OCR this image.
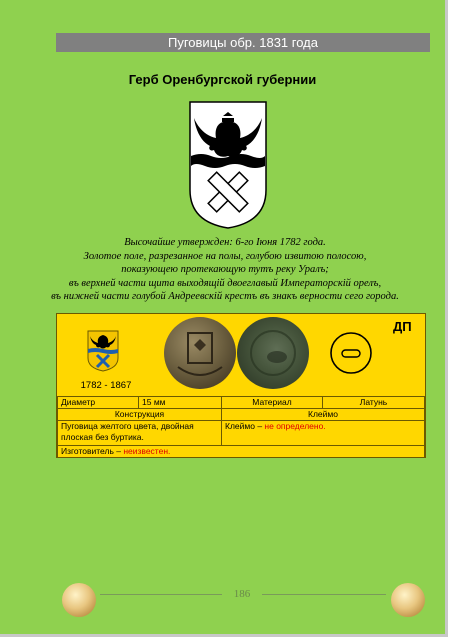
Пуговицы обр. 1831 года
Герб Оренбургской губернии
Высочайше утвержден: 6-го Iюня 1782 года.
Золотое поле, разрезанное на полы, голубою извитою полосою,
показующею протекающую тутъ реку Уралъ;
въ верхней части щита выходящiй двоеглавый Императорскiй орелъ,
въ нижней части голубой Андреевскiй крестъ въ знакъ верности сего города.
1782 - 1867
ДП
Диаметр	15 мм	Материал	Латунь
Конструкция		Клеймо	
Пуговица желтого цвета, двойная плоская без буртика.		Клеймо – не определено.	
Изготовитель – неизвестен.			
186
